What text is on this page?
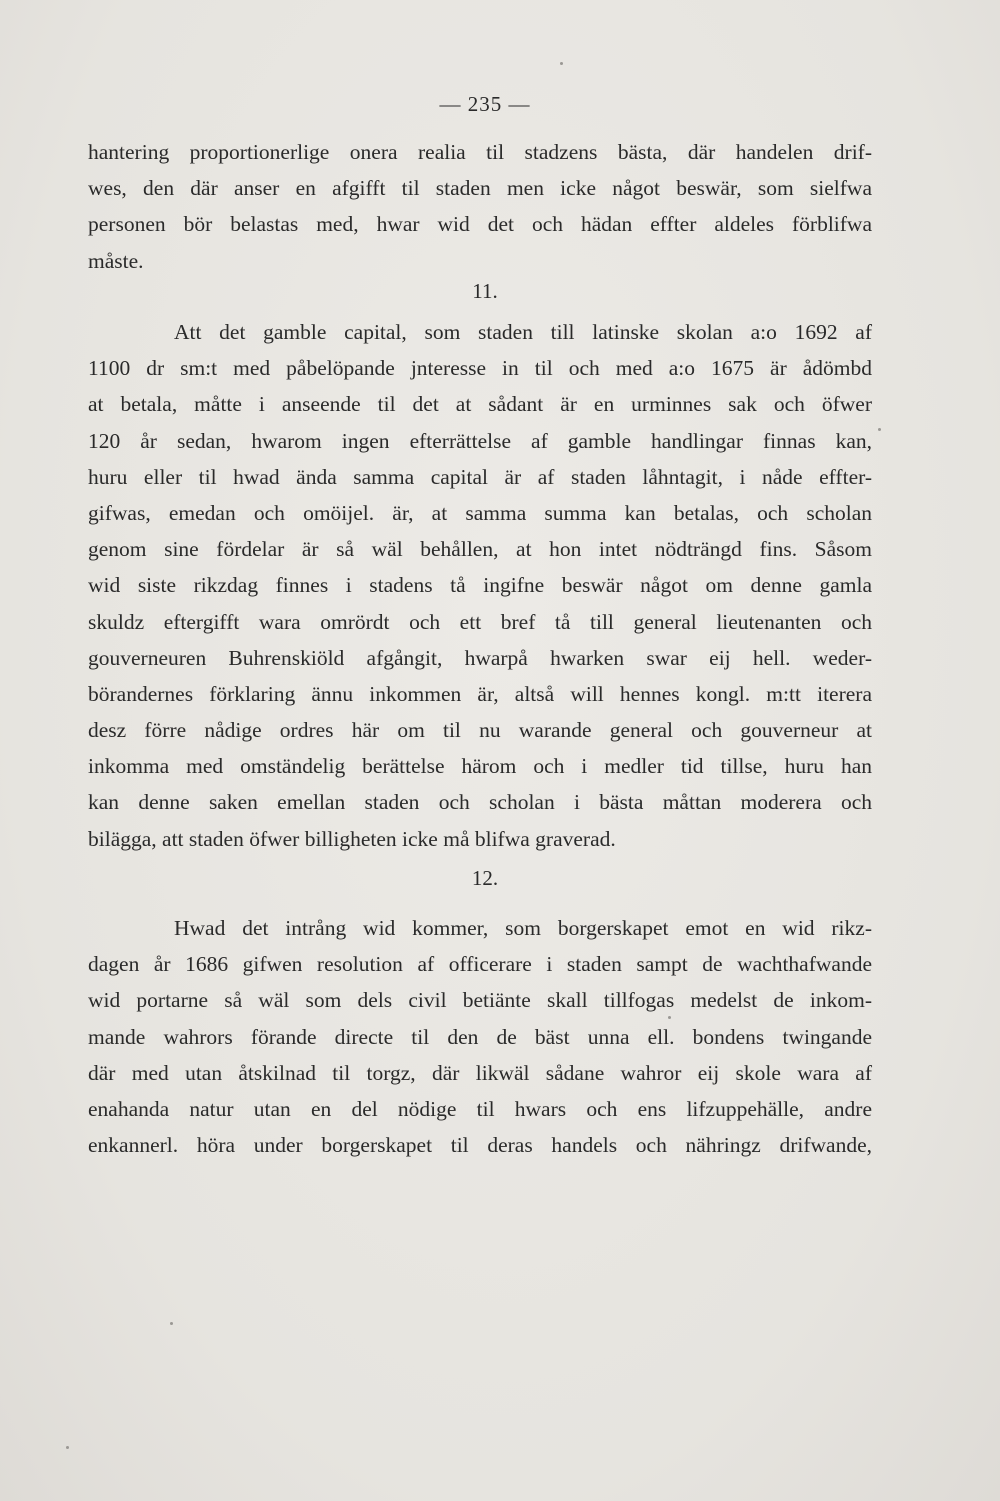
— 235 —
hantering proportionerlige onera realia til stadzens bästa, där handelen drif-
wes, den där anser en afgifft til staden men icke något beswär, som sielfwa
personen bör belastas med, hwar wid det och hädan effter aldeles förblifwa
måste.
11.
Att det gamble capital, som staden till latinske skolan a:o 1692 af
1100 dr sm:t med påbelöpande jnteresse in til och med a:o 1675 är ådömbd
at betala, måtte i anseende til det at sådant är en urminnes sak och öfwer
120 år sedan, hwarom ingen efterrättelse af gamble handlingar finnas kan,
huru eller til hwad ända samma capital är af staden låhntagit, i nåde effter-
gifwas, emedan och omöijel. är, at samma summa kan betalas, och scholan
genom sine fördelar är så wäl behållen, at hon intet nödträngd fins. Såsom
wid siste rikzdag finnes i stadens tå ingifne beswär något om denne gamla
skuldz eftergifft wara omrördt och ett bref tå till general lieutenanten och
gouverneuren Buhrenskiöld afgångit, hwarpå hwarken swar eij hell. weder-
börandernes förklaring ännu inkommen är, altså will hennes kongl. m:tt iterera
desz förre nådige ordres här om til nu warande general och gouverneur at
inkomma med omständelig berättelse härom och i medler tid tillse, huru han
kan denne saken emellan staden och scholan i bästa måttan moderera och
bilägga, att staden öfwer billigheten icke må blifwa graverad.
12.
Hwad det intrång wid kommer, som borgerskapet emot en wid rikz-
dagen år 1686 gifwen resolution af officerare i staden sampt de wachthafwande
wid portarne så wäl som dels civil betiänte skall tillfogas medelst de inkom-
mande wahrors förande directe til den de bäst unna ell. bondens twingande
där med utan åtskilnad til torgz, där likwäl sådane wahror eij skole wara af
enahanda natur utan en del nödige til hwars och ens lifzuppehälle, andre
enkannerl. höra under borgerskapet til deras handels och nähringz drifwande,
